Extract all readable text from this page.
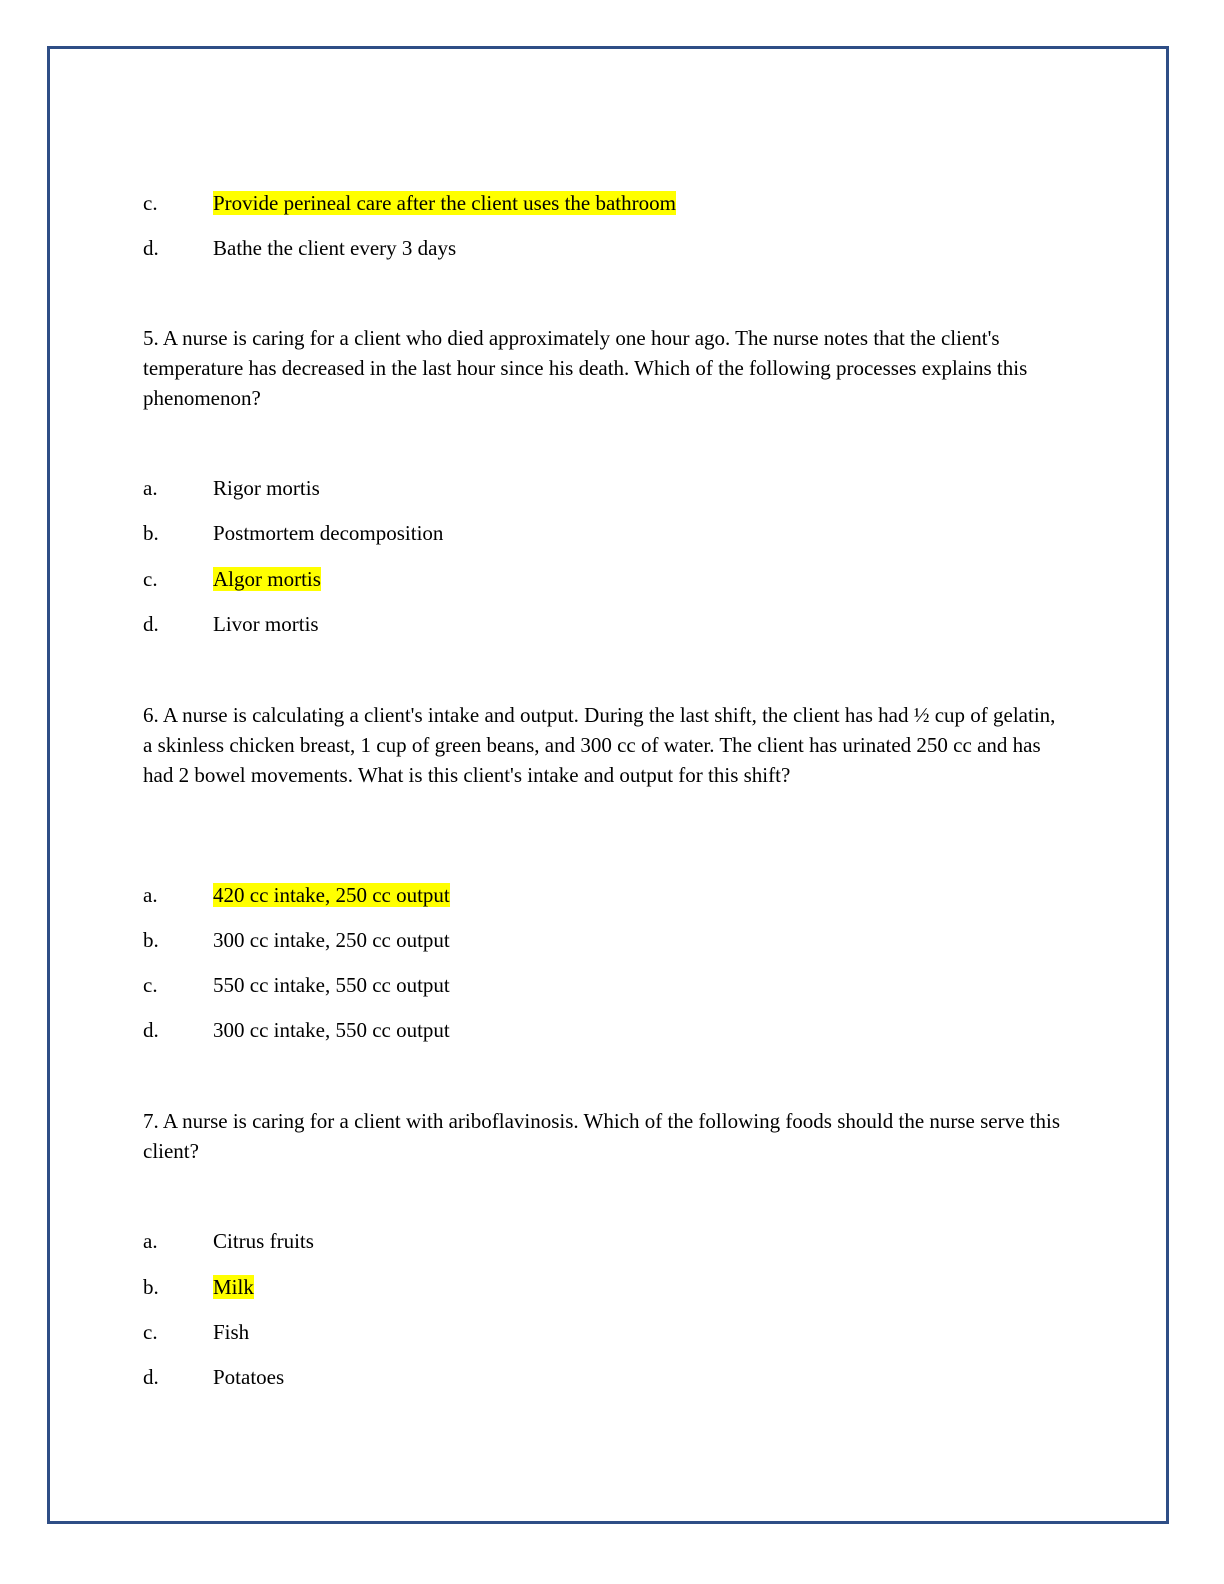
c.	Provide perineal care after the client uses the bathroom
d.	Bathe the client every 3 days
5. A nurse is caring for a client who died approximately one hour ago. The nurse notes that the client's temperature has decreased in the last hour since his death. Which of the following processes explains this phenomenon?
a.	Rigor mortis
b.	Postmortem decomposition
c.	Algor mortis
d.	Livor mortis
6. A nurse is calculating a client's intake and output. During the last shift, the client has had ½ cup of gelatin, a skinless chicken breast, 1 cup of green beans, and 300 cc of water. The client has urinated 250 cc and has had 2 bowel movements. What is this client's intake and output for this shift?
a.	420 cc intake, 250 cc output
b.	300 cc intake, 250 cc output
c.	550 cc intake, 550 cc output
d.	300 cc intake, 550 cc output
7. A nurse is caring for a client with ariboflavinosis. Which of the following foods should the nurse serve this client?
a.	Citrus fruits
b.	Milk
c.	Fish
d.	Potatoes
